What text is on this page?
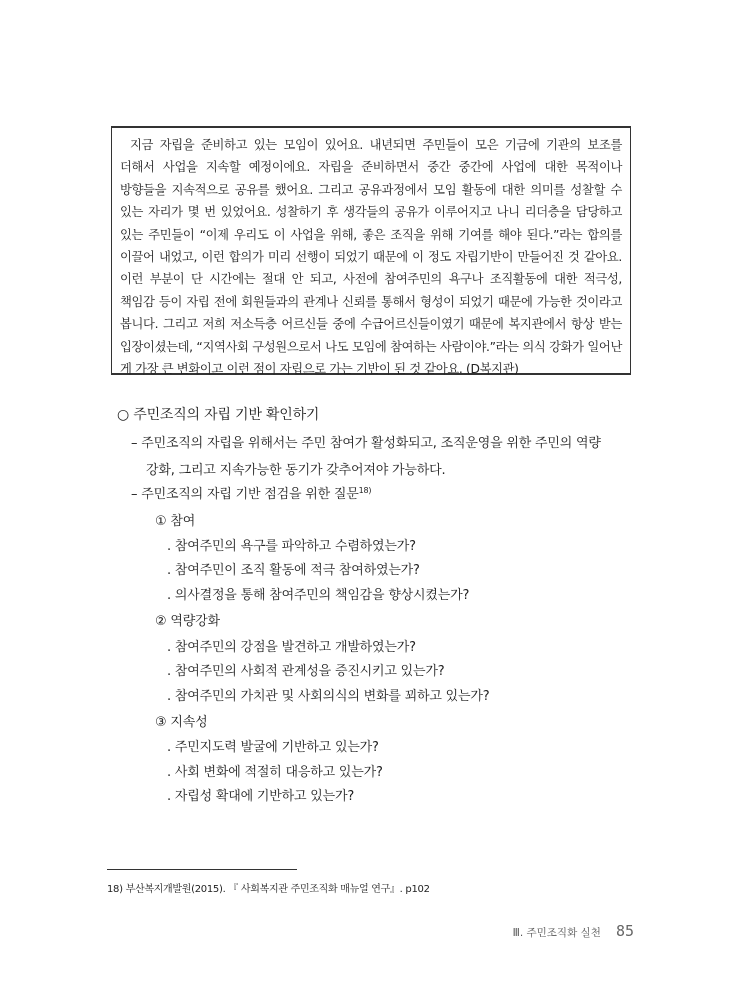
지금 자립을 준비하고 있는 모임이 있어요. 내년되면 주민들이 모은 기금에 기관의 보조를 더해서 사업을 지속할 예정이에요. 자립을 준비하면서 중간 중간에 사업에 대한 목적이나 방향들을 지속적으로 공유를 했어요. 그리고 공유과정에서 모임 활동에 대한 의미를 성찰할 수 있는 자리가 몇 번 있었어요. 성찰하기 후 생각들의 공유가 이루어지고 나니 리더층을 담당하고 있는 주민들이 “이제 우리도 이 사업을 위해, 좋은 조직을 위해 기여를 해야 된다.”라는 합의를 이끌어 내었고, 이런 합의가 미리 선행이 되었기 때문에 이 정도 자립기반이 만들어진 것 같아요. 이런 부분이 단 시간에는 절대 안 되고, 사전에 참여주민의 욕구나 조직활동에 대한 적극성, 책임감 등이 자립 전에 회원들과의 관계나 신뢰를 통해서 형성이 되었기 때문에 가능한 것이라고 봅니다. 그리고 저희 저소득층 어르신들 중에 수급어르신들이였기 때문에 복지관에서 항상 받는 입장이셨는데, “지역사회 구성원으로서 나도 모임에 참여하는 사람이야.”라는 의식 강화가 일어난 게 가장 큰 변화이고 이런 점이 자립으로 가는 기반이 된 것 같아요. (D복지관)

○ 주민조직의 자립 기반 확인하기
– 주민조직의 자립을 위해서는 주민 참여가 활성화되고, 조직운영을 위한 주민의 역량
강화, 그리고 지속가능한 동기가 갖추어져야 가능하다.
– 주민조직의 자립 기반 점검을 위한 질문$^{18)}$
① 참여
. 참여주민의 욕구를 파악하고 수렴하였는가?
. 참여주민이 조직 활동에 적극 참여하였는가?
. 의사결정을 통해 참여주민의 책임감을 향상시켰는가?
② 역량강화
. 참여주민의 강점을 발견하고 개발하였는가?
. 참여주민의 사회적 관계성을 증진시키고 있는가?
. 참여주민의 가치관 및 사회의식의 변화를 꾀하고 있는가?
③ 지속성
. 주민지도력 발굴에 기반하고 있는가?
. 사회 변화에 적절히 대응하고 있는가?
. 자립성 확대에 기반하고 있는가?
18) 부산복지개발원(2015). 『 사회복지관 주민조직화 매뉴얼 연구』. p102
Ⅲ. 주민조직화 실천 85
